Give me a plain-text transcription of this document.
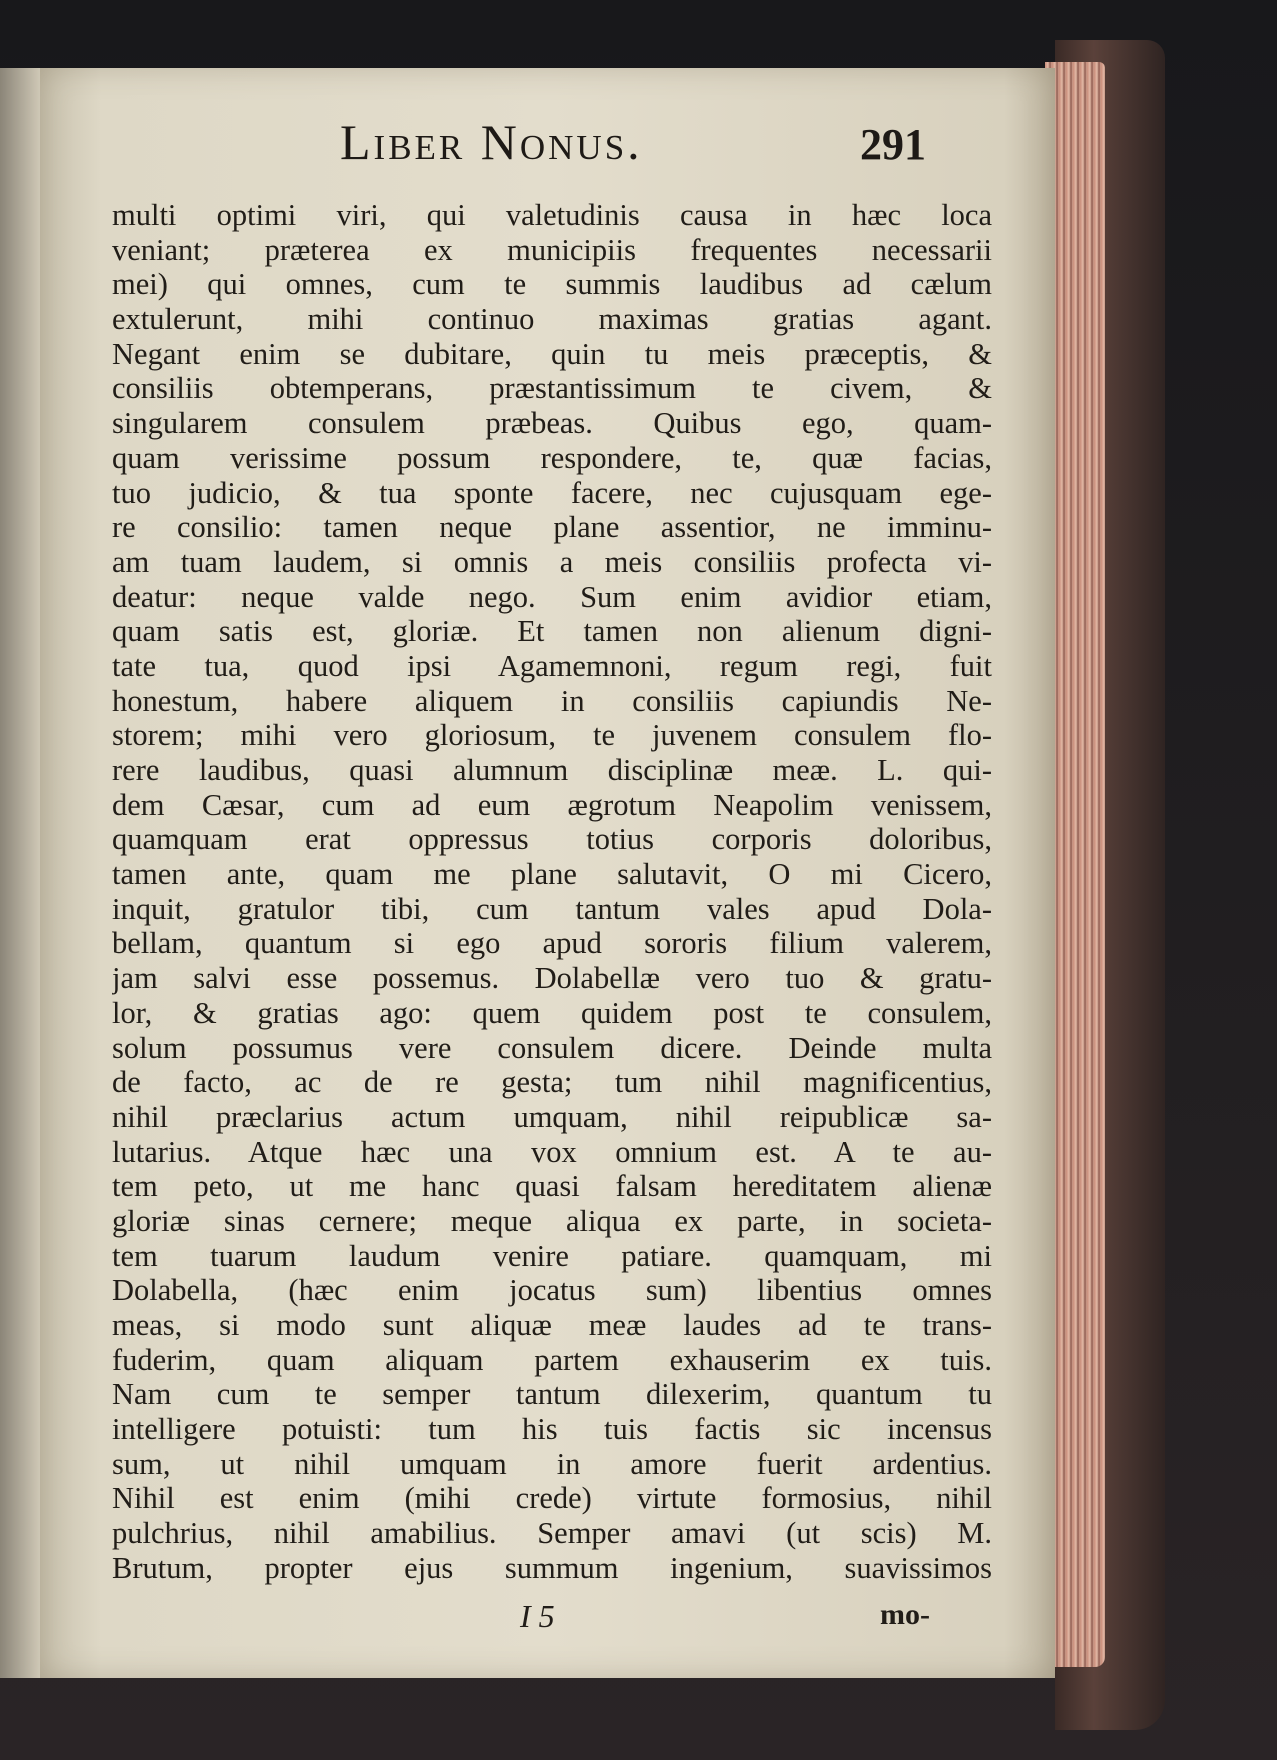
Liber Nonus.	291
multi optimi viri, qui valetudinis causa in hæc loca
veniant; præterea ex municipiis frequentes necessarii
mei) qui omnes, cum te summis laudibus ad cælum
extulerunt, mihi continuo maximas gratias agant.
Negant enim se dubitare, quin tu meis præceptis, &
consiliis obtemperans, præstantissimum te civem, &
singularem consulem præbeas. Quibus ego, quam-
quam verissime possum respondere, te, quæ facias,
tuo judicio, & tua sponte facere, nec cujusquam ege-
re consilio: tamen neque plane assentior, ne imminu-
am tuam laudem, si omnis a meis consiliis profecta vi-
deatur: neque valde nego. Sum enim avidior etiam,
quam satis est, gloriæ. Et tamen non alienum digni-
tate tua, quod ipsi Agamemnoni, regum regi, fuit
honestum, habere aliquem in consiliis capiundis Ne-
storem; mihi vero gloriosum, te juvenem consulem flo-
rere laudibus, quasi alumnum disciplinæ meæ. L. qui-
dem Cæsar, cum ad eum ægrotum Neapolim venissem,
quamquam erat oppressus totius corporis doloribus,
tamen ante, quam me plane salutavit, O mi Cicero,
inquit, gratulor tibi, cum tantum vales apud Dola-
bellam, quantum si ego apud sororis filium valerem,
jam salvi esse possemus. Dolabellæ vero tuo & gratu-
lor, & gratias ago: quem quidem post te consulem,
solum possumus vere consulem dicere. Deinde multa
de facto, ac de re gesta; tum nihil magnificentius,
nihil præclarius actum umquam, nihil reipublicæ sa-
lutarius. Atque hæc una vox omnium est. A te au-
tem peto, ut me hanc quasi falsam hereditatem alienæ
gloriæ sinas cernere; meque aliqua ex parte, in societa-
tem tuarum laudum venire patiare. quamquam, mi
Dolabella, (hæc enim jocatus sum) libentius omnes
meas, si modo sunt aliquæ meæ laudes ad te trans-
fuderim, quam aliquam partem exhauserim ex tuis.
Nam cum te semper tantum dilexerim, quantum tu
intelligere potuisti: tum his tuis factis sic incensus
sum, ut nihil umquam in amore fuerit ardentius.
Nihil est enim (mihi crede) virtute formosius, nihil
pulchrius, nihil amabilius. Semper amavi (ut scis) M.
Brutum, propter ejus summum ingenium, suavissimos
I 5	mo-
